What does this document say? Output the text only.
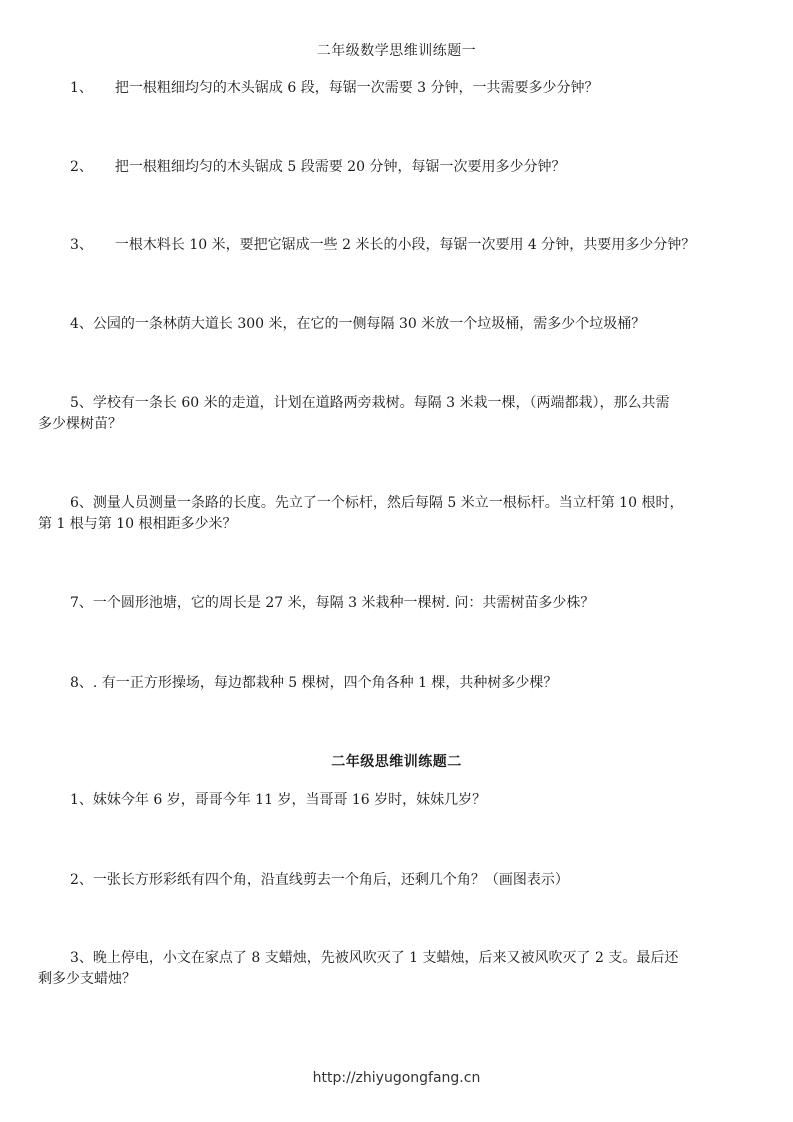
二年级数学思维训练题一
1、 把一根粗细均匀的木头锯成 6 段，每锯一次需要 3 分钟，一共需要多少分钟？
2、 把一根粗细均匀的木头锯成 5 段需要 20 分钟，每锯一次要用多少分钟？
3、 一根木料长 10 米，要把它锯成一些 2 米长的小段，每锯一次要用 4 分钟，共要用多少分钟？
4、公园的一条林荫大道长 300 米，在它的一侧每隔 30 米放一个垃圾桶，需多少个垃圾桶？
5、学校有一条长 60 米的走道，计划在道路两旁栽树。每隔 3 米栽一棵，（两端都栽），那么共需
多少棵树苗？
6、测量人员测量一条路的长度。先立了一个标杆，然后每隔 5 米立一根标杆。当立杆第 10 根时，
第 1 根与第 10 根相距多少米？
7、一个圆形池塘，它的周长是 27 米，每隔 3 米栽种一棵树. 问：共需树苗多少株？
8、. 有一正方形操场，每边都栽种 5 棵树，四个角各种 1 棵，共种树多少棵？
二年级思维训练题二
1、妹妹今年 6 岁，哥哥今年 11 岁，当哥哥 16 岁时，妹妹几岁？
2、一张长方形彩纸有四个角，沿直线剪去一个角后，还剩几个角？（画图表示）
3、晚上停电，小文在家点了 8 支蜡烛，先被风吹灭了 1 支蜡烛，后来又被风吹灭了 2 支。最后还
剩多少支蜡烛？
http://zhiyugongfang.cn
